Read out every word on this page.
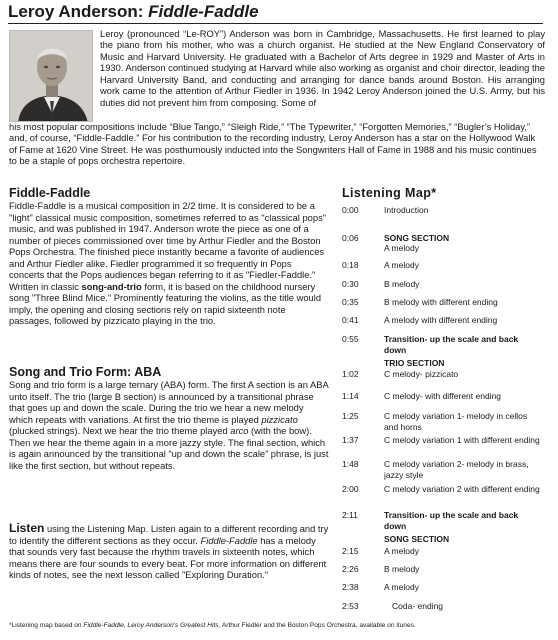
Leroy Anderson: Fiddle-Faddle
Leroy (pronounced “Le-ROY”) Anderson was born in Cambridge, Massachusetts. He first learned to play the piano from his mother, who was a church organist. He studied at the New England Conservatory of Music and Harvard University. He graduated with a Bachelor of Arts degree in 1929 and Master of Arts in 1930. Anderson continued studying at Harvard while also working as organist and choir director, leading the Harvard University Band, and conducting and arranging for dance bands around Boston. His arranging work came to the attention of Arthur Fiedler in 1936. In 1942 Leroy Anderson joined the U.S. Army, but his duties did not prevent him from composing. Some of
his most popular compositions include “Blue Tango,” “Sleigh Ride,” “The Typewriter,” “Forgotten Memories,” “Bugler’s Holiday,” and, of course, “Fiddle-Faddle.” For his contribution to the recording industry, Leroy Anderson has a star on the Hollywood Walk of Fame at 1620 Vine Street. He was posthumously inducted into the Songwriters Hall of Fame in 1988 and his music continues to be a staple of pops orchestra repertoire.
Fiddle-Faddle
Fiddle-Faddle is a musical composition in 2/2 time. It is considered to be a "light" classical music composition, sometimes referred to as "classical pops" music, and was published in 1947. Anderson wrote the piece as one of a number of pieces commissioned over time by Arthur Fiedler and the Boston Pops Orchestra. The finished piece instantly became a favorite of audiences and Arthur Fiedler alike. Fiedler programmed it so frequently in Pops concerts that the Pops audiences began referring to it as "Fiedler-Faddle." Written in classic song-and-trio form, it is based on the childhood nursery song "Three Blind Mice." Prominently featuring the violins, as the title would imply, the opening and closing sections rely on rapid sixteenth note passages, followed by pizzicato playing in the trio.
Song and Trio Form: ABA
Song and trio form is a large ternary (ABA) form. The first A section is an ABA unto itself. The trio (large B section) is announced by a transitional phrase that goes up and down the scale. During the trio we hear a new melody which repeats with variations. At first the trio theme is played pizzicato (plucked strings). Next we hear the trio theme played arco (with the bow). Then we hear the theme again in a more jazzy style. The final section, which is again announced by the transitional “up and down the scale” phrase, is just like the first section, but without repeats.
Listen using the Listening Map. Listen again to a different recording and try to identify the different sections as they occur. Fiddle-Faddle has a melody that sounds very fast because the rhythm travels in sixteenth notes, which means there are four sounds to every beat. For more information on different kinds of notes, see the next lesson called "Exploring Duration."
Listening Map*
0:00	Introduction
0:06	SONG SECTION
A melody
0:18	A melody
0:30	B melody
0:35	B melody with different ending
0:41	A melody with different ending
0:55	Transition- up the scale and back down
TRIO SECTION
1:02	C melody- pizzicato
1:14	C melody- with different ending
1:25	C melody variation 1- melody in cellos and horns
1:37	C melody variation 1 with different ending
1:48	C melody variation 2- melody in brass, jazzy style
2:00	C melody variation 2 with different ending
2:11	Transition- up the scale and back down
SONG SECTION
2:15	A melody
2:26	B melody
2:38	A melody
2:53	Coda- ending
*Listening map based on Fiddle-Faddle, Leroy Anderson's Greatest Hits, Arthur Fiedler and the Boston Pops Orchestra, available on itunes.
